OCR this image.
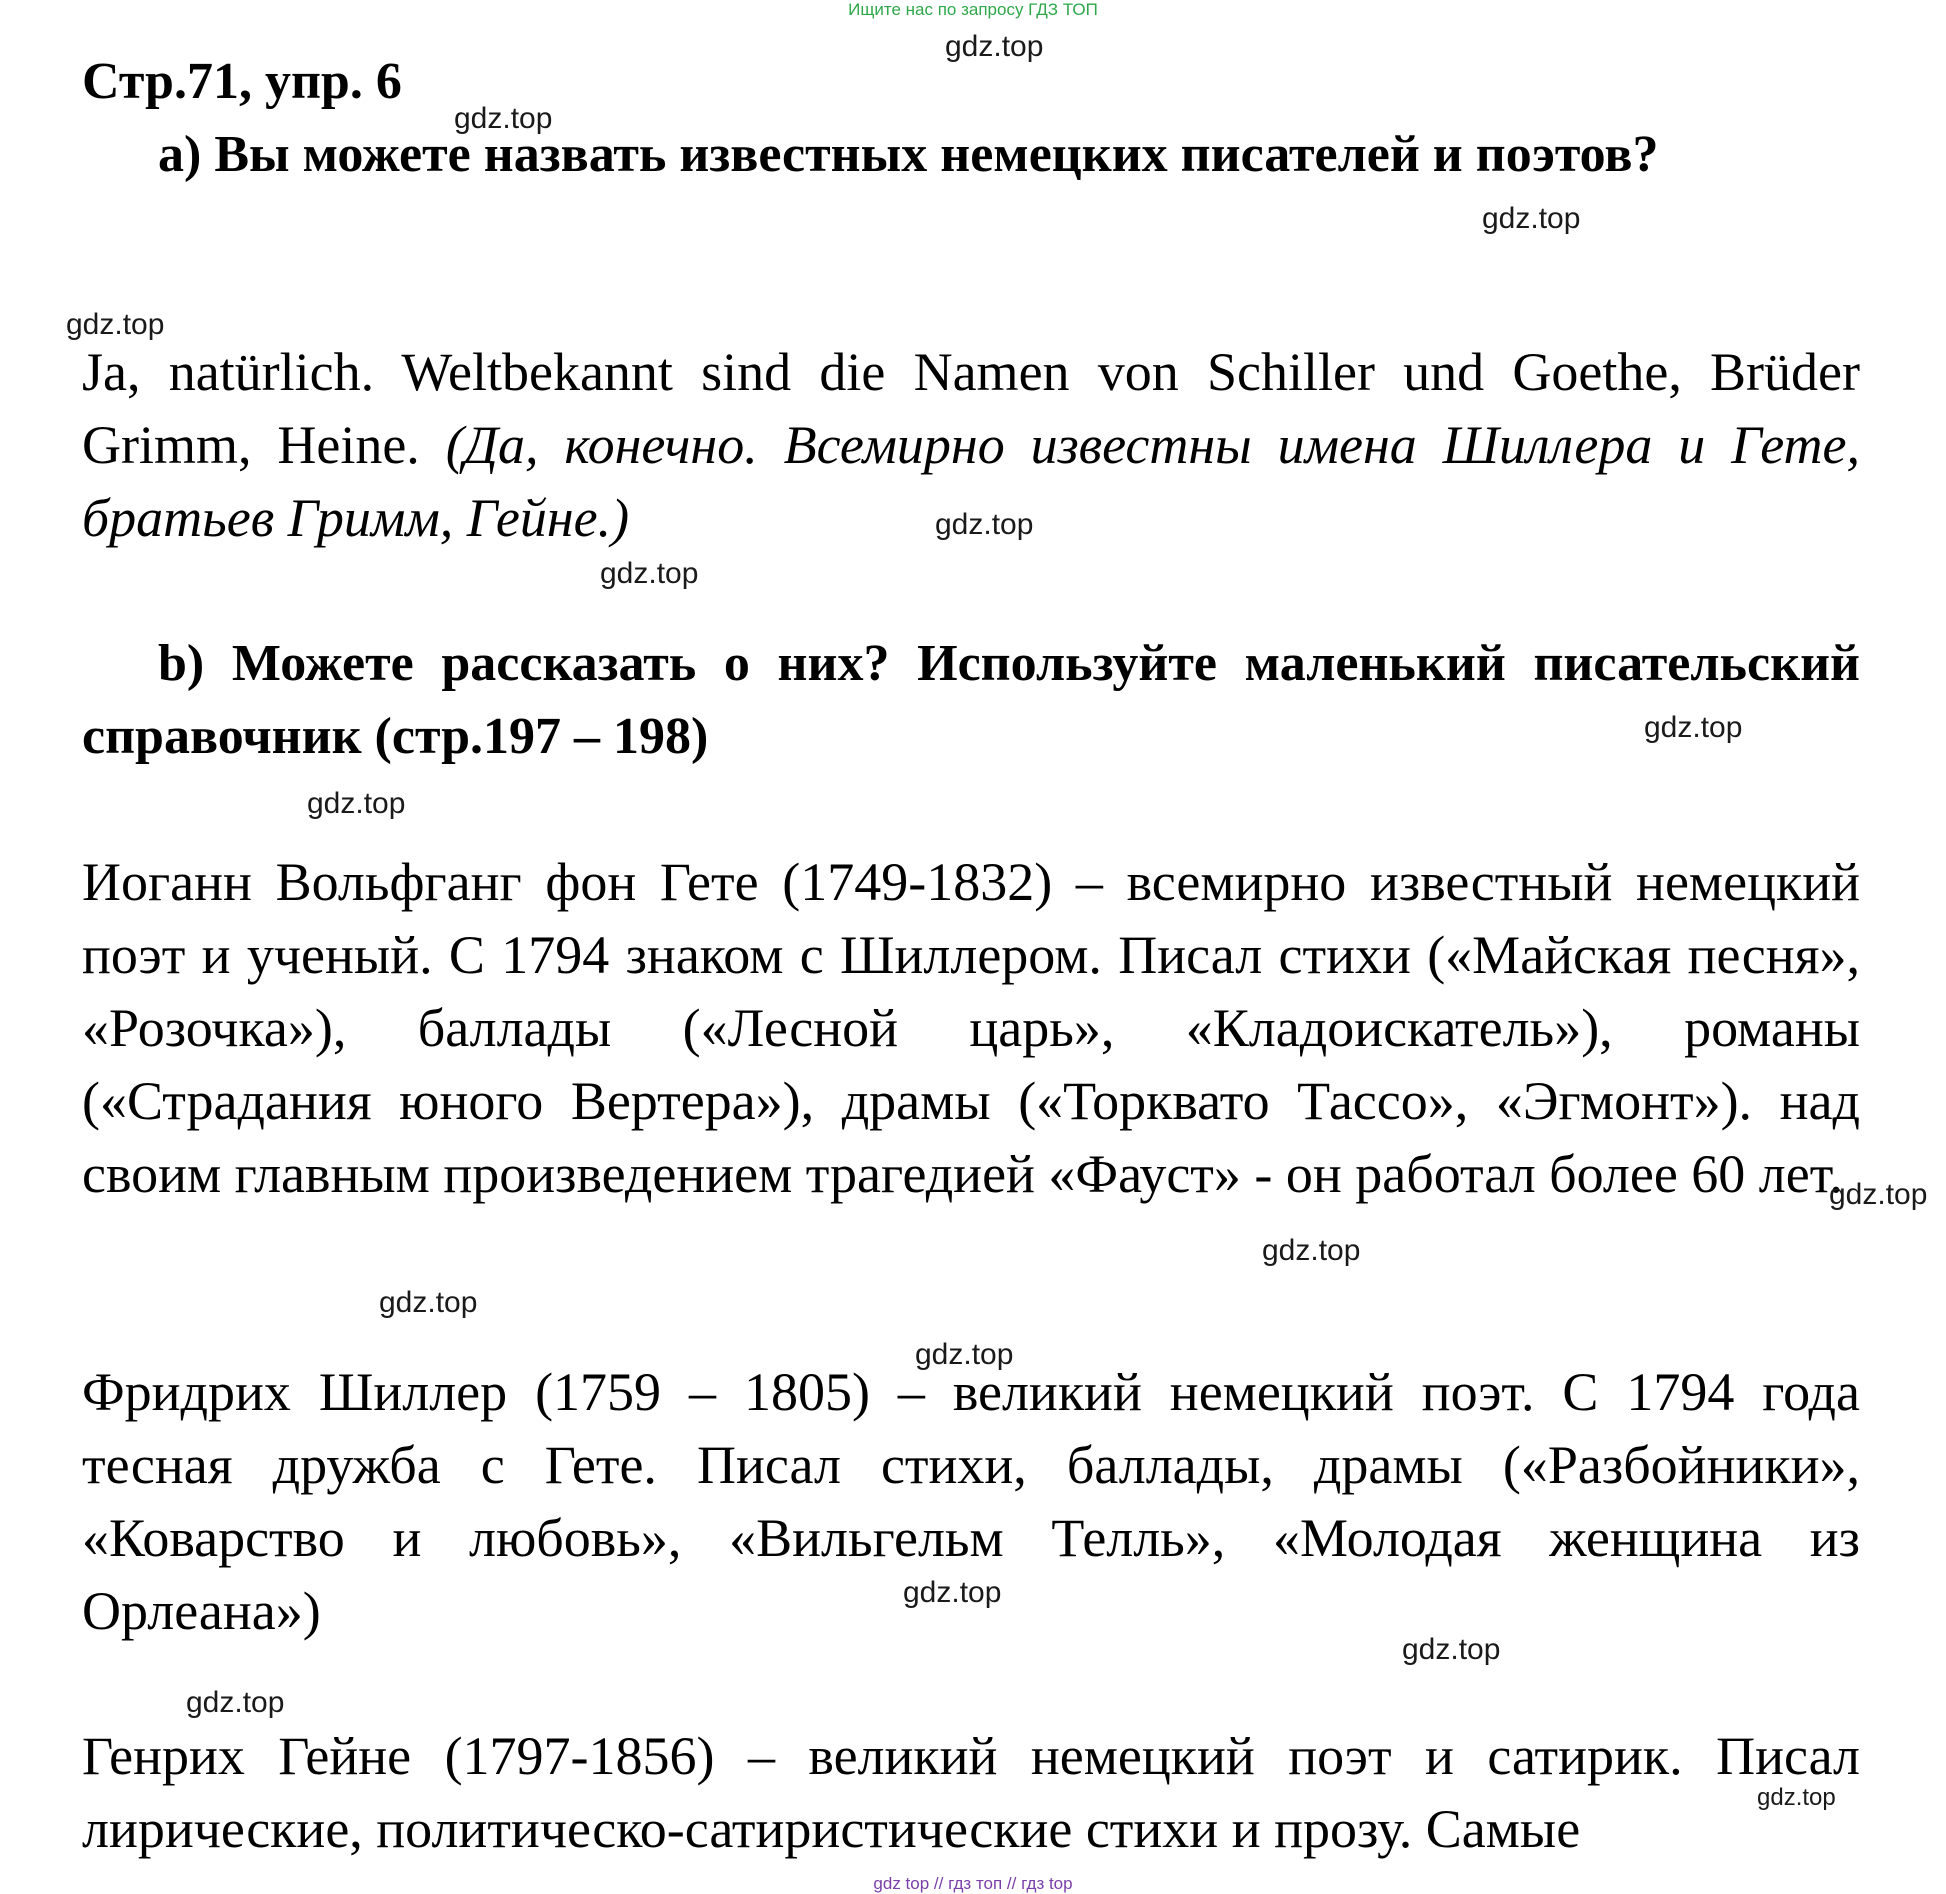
Ищите нас по запросу ГДЗ ТОП
Стр.71, упр. 6
a) Вы можете назвать известных немецких писателей и поэтов?
Ja, natürlich. Weltbekannt sind die Namen von Schiller und Goethe, Brüder Grimm, Heine. (Да, конечно. Всемирно известны имена Шиллера и Гете, братьев Гримм, Гейне.)
b) Можете рассказать о них? Используйте маленький писательский справочник (стр.197 – 198)
Иоганн Вольфганг фон Гете (1749-1832) – всемирно известный немецкий поэт и ученый. С 1794 знаком с Шиллером. Писал стихи («Майская песня», «Розочка»), баллады («Лесной царь», «Кладоискатель»), романы («Страдания юного Вертера»), драмы («Торквато Тассо», «Эгмонт»). над своим главным произведением трагедией «Фауст» - он работал более 60 лет.
Фридрих Шиллер (1759 – 1805) – великий немецкий поэт. С 1794 года тесная дружба с Гете. Писал стихи, баллады, драмы («Разбойники», «Коварство и любовь», «Вильгельм Телль», «Молодая женщина из Орлеана»)
Генрих Гейне (1797-1856) – великий немецкий поэт и сатирик. Писал лирические, политическо-сатиристические стихи и прозу. Самые
gdz.top
gdz.top
gdz.top
gdz.top
gdz.top
gdz.top
gdz.top
gdz.top
gdz.top
gdz.top
gdz.top
gdz.top
gdz.top
gdz.top
gdz.top
gdz.top
gdz top // гдз топ // гдз top
